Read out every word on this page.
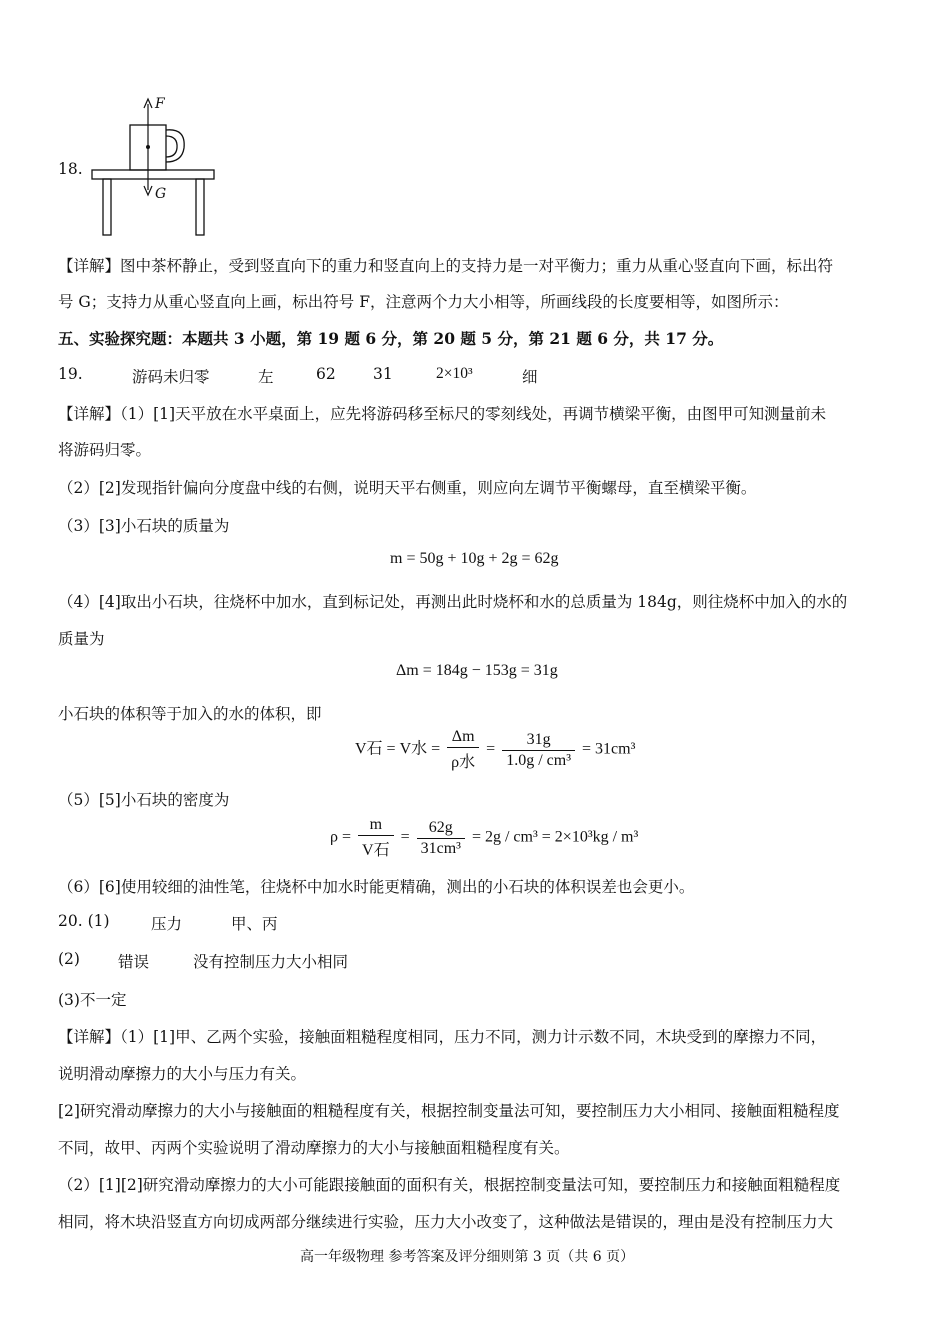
18.
F
G
【详解】图中茶杯静止，受到竖直向下的重力和竖直向上的支持力是一对平衡力；重力从重心竖直向下画，标出符
号 G；支持力从重心竖直向上画，标出符号 F，注意两个力大小相等，所画线段的长度要相等，如图所示：
五、实验探究题：本题共 3 小题，第 19 题 6 分，第 20 题 5 分，第 21 题 6 分，共 17 分。
19.	游码未归零	左	62 31	2×10³	细
【详解】（1）[1]天平放在水平桌面上，应先将游码移至标尺的零刻线处，再调节横梁平衡，由图甲可知测量前未
将游码归零。
（2）[2]发现指针偏向分度盘中线的右侧，说明天平右侧重，则应向左调节平衡螺母，直至横梁平衡。
（3）[3]小石块的质量为
m = 50g + 10g + 2g = 62g
（4）[4]取出小石块，往烧杯中加水，直到标记处，再测出此时烧杯和水的总质量为 184g，则往烧杯中加入的水的
质量为
Δm = 184g − 153g = 31g
小石块的体积等于加入的水的体积，即
V石 = V水 = $\frac{\Delta m}{\text{ρ水}} = \frac{31g}{\text{1.0g / cm³}} = 31cm^3$
（5）[5]小石块的密度为
$\rho = \frac{m}{\text{V石}} = \frac{62g}{\text{31cm³}} = 2g / cm^3 = 2\times 10^3kg / m^3$
（6）[6]使用较细的油性笔，往烧杯中加水时能更精确，测出的小石块的体积误差也会更小。
20. (1)	压力	甲、丙
(2) 错误	没有控制压力大小相同
(3)不一定
【详解】（1）[1]甲、乙两个实验，接触面粗糙程度相同，压力不同，测力计示数不同，木块受到的摩擦力不同，
说明滑动摩擦力的大小与压力有关。
[2]研究滑动摩擦力的大小与接触面的粗糙程度有关，根据控制变量法可知，要控制压力大小相同、接触面粗糙程度
不同，故甲、丙两个实验说明了滑动摩擦力的大小与接触面粗糙程度有关。
（2）[1][2]研究滑动摩擦力的大小可能跟接触面的面积有关，根据控制变量法可知，要控制压力和接触面粗糙程度
相同，将木块沿竖直方向切成两部分继续进行实验，压力大小改变了，这种做法是错误的，理由是没有控制压力大
高一年级物理 参考答案及评分细则第 3 页（共 6 页）
